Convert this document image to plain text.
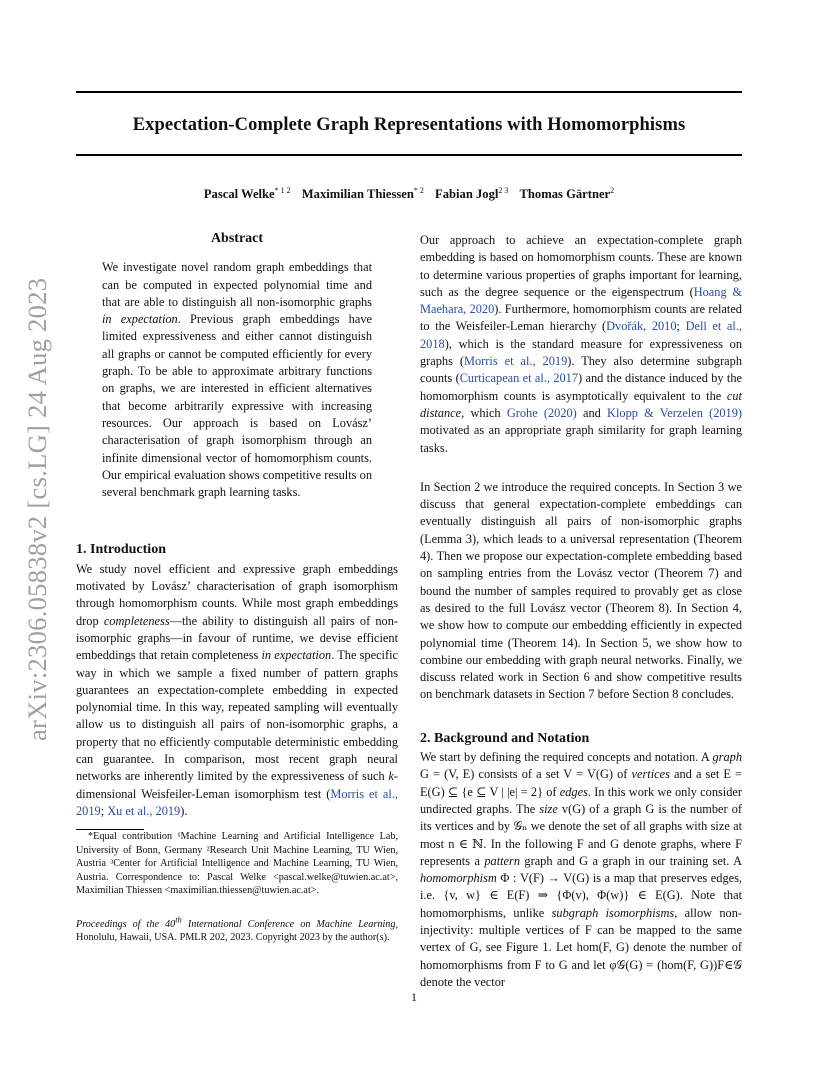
arXiv:2306.05838v2 [cs.LG] 24 Aug 2023
Expectation-Complete Graph Representations with Homomorphisms
Pascal Welke$^{* 1 2}$ Maximilian Thiessen$^{* 2}$ Fabian Jogl$^{2 3}$ Thomas Gärtner$^2$
Abstract

We investigate novel random graph embeddings that can be computed in expected polynomial time and that are able to distinguish all non-isomorphic graphs in expectation. Previous graph embeddings have limited expressiveness and either cannot distinguish all graphs or cannot be computed efficiently for every graph. To be able to approximate arbitrary functions on graphs, we are interested in efficient alternatives that become arbitrarily expressive with increasing resources. Our approach is based on Lovász’ characterisation of graph isomorphism through an infinite dimensional vector of homomorphism counts. Our empirical evaluation shows competitive results on several benchmark graph learning tasks.

1. Introduction

We study novel efficient and expressive graph embeddings motivated by Lovász’ characterisation of graph isomorphism through homomorphism counts. While most graph embeddings drop completeness—the ability to distinguish all pairs of non-isomorphic graphs—in favour of runtime, we devise efficient embeddings that retain completeness in expectation. The specific way in which we sample a fixed number of pattern graphs guarantees an expectation-complete embedding in expected polynomial time. In this way, repeated sampling will eventually allow us to distinguish all pairs of non-isomorphic graphs, a property that no efficiently computable deterministic embedding can guarantee. In comparison, most recent graph neural networks are inherently limited by the expressiveness of such k-dimensional Weisfeiler-Leman isomorphism test (Morris et al., 2019; Xu et al., 2019).

*Equal contribution ¹Machine Learning and Artificial Intelligence Lab, University of Bonn, Germany ²Research Unit Machine Learning, TU Wien, Austria ³Center for Artificial Intelligence and Machine Learning, TU Wien, Austria. Correspondence to: Pascal Welke <pascal.welke@tuwien.ac.at>, Maximilian Thiessen <maximilian.thiessen@tuwien.ac.at>.

Proceedings of the 40th International Conference on Machine Learning, Honolulu, Hawaii, USA. PMLR 202, 2023. Copyright 2023 by the author(s).

Our approach to achieve an expectation-complete graph embedding is based on homomorphism counts. These are known to determine various properties of graphs important for learning, such as the degree sequence or the eigenspectrum (Hoang & Maehara, 2020). Furthermore, homomorphism counts are related to the Weisfeiler-Leman hierarchy (Dvořák, 2010; Dell et al., 2018), which is the standard measure for expressiveness on graphs (Morris et al., 2019). They also determine subgraph counts (Curticapean et al., 2017) and the distance induced by the homomorphism counts is asymptotically equivalent to the cut distance, which Grohe (2020) and Klopp & Verzelen (2019) motivated as an appropriate graph similarity for graph learning tasks.

In Section 2 we introduce the required concepts. In Section 3 we discuss that general expectation-complete embeddings can eventually distinguish all pairs of non-isomorphic graphs (Lemma 3), which leads to a universal representation (Theorem 4). Then we propose our expectation-complete embedding based on sampling entries from the Lovász vector (Theorem 7) and bound the number of samples required to provably get as close as desired to the full Lovász vector (Theorem 8). In Section 4, we show how to compute our embedding efficiently in expected polynomial time (Theorem 14). In Section 5, we show how to combine our embedding with graph neural networks. Finally, we discuss related work in Section 6 and show competitive results on benchmark datasets in Section 7 before Section 8 concludes.

2. Background and Notation

We start by defining the required concepts and notation. A graph G = (V, E) consists of a set V = V(G) of vertices and a set E = E(G) ⊆ {e ⊆ V | |e| = 2} of edges. In this work we only consider undirected graphs. The size v(G) of a graph G is the number of its vertices and by 𝒢ₙ we denote the set of all graphs with size at most n ∈ ℕ. In the following F and G denote graphs, where F represents a pattern graph and G a graph in our training set. A homomorphism Φ : V(F) → V(G) is a map that preserves edges, i.e. {v, w} ∈ E(F) ⇒ {Φ(v), Φ(w)} ∈ E(G). Note that homomorphisms, unlike subgraph isomorphisms, allow non-injectivity: multiple vertices of F can be mapped to the same vertex of G, see Figure 1. Let hom(F, G) denote the number of homomorphisms from F to G and let φ𝒢(G) = (hom(F, G))F∈𝒢 denote the vector

1
